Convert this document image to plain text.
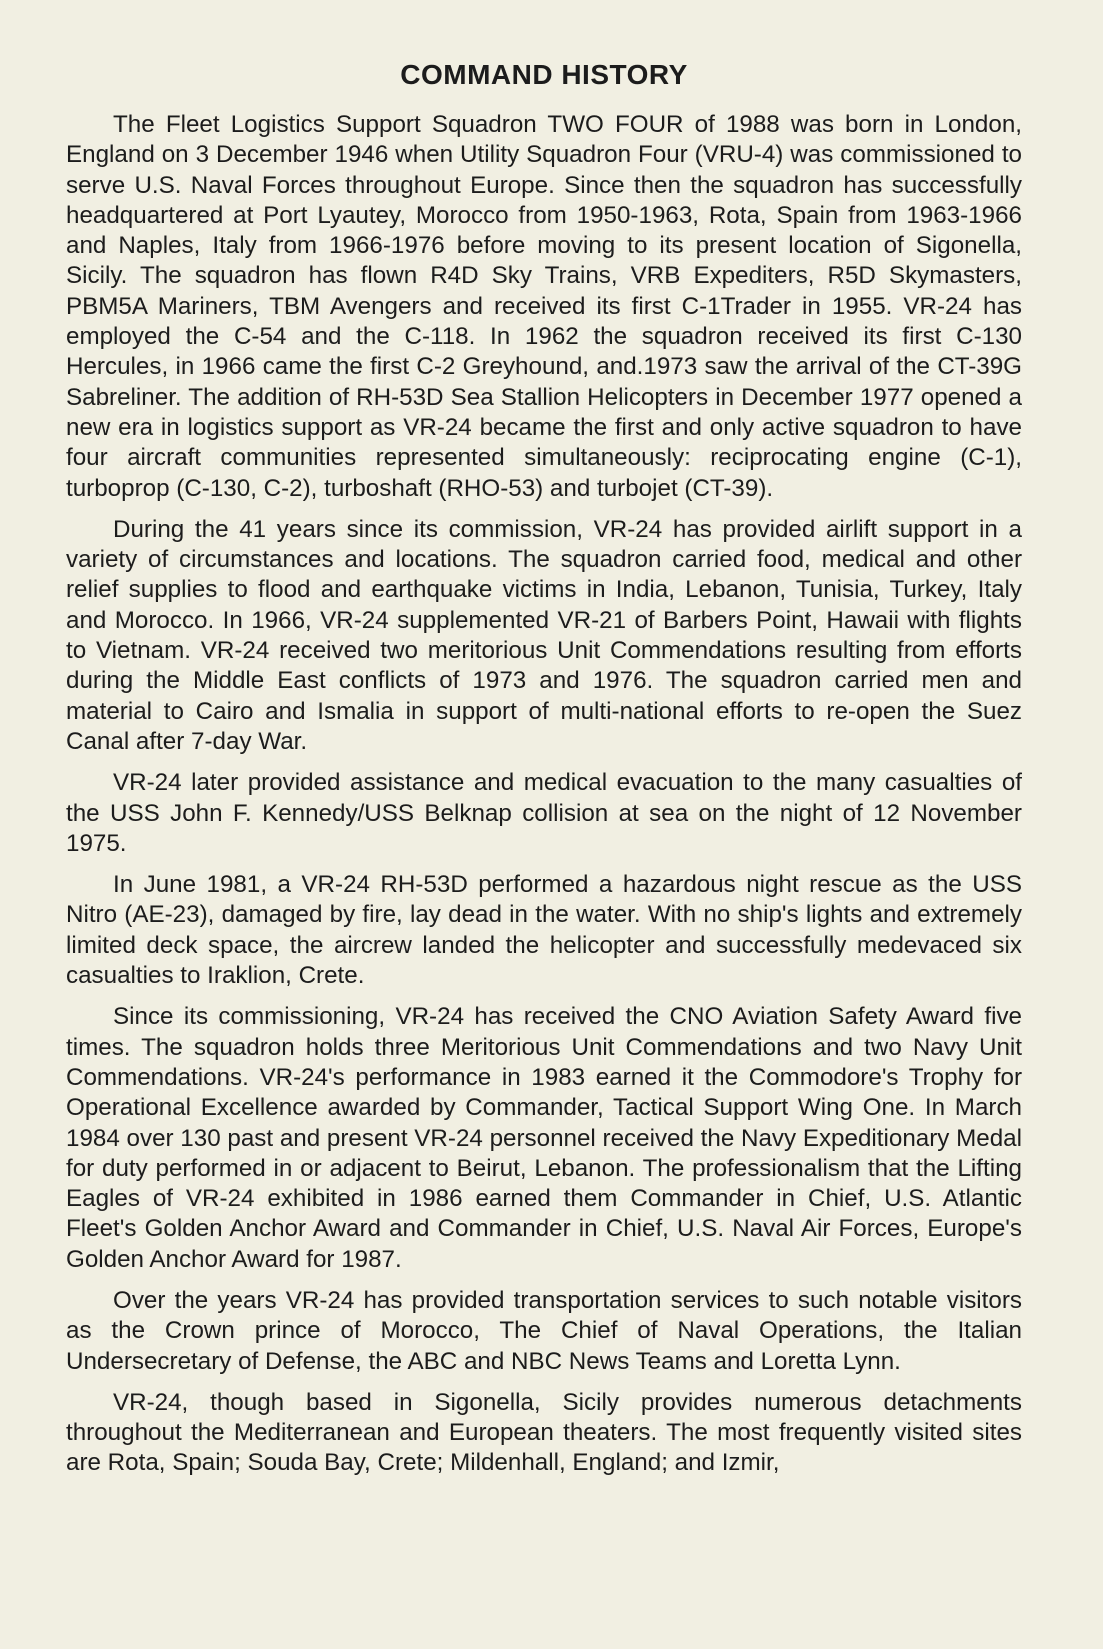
COMMAND HISTORY

The Fleet Logistics Support Squadron TWO FOUR of 1988 was born in London, England on 3 December 1946 when Utility Squadron Four (VRU-4) was commissioned to serve U.S. Naval Forces throughout Europe. Since then the squadron has successfully headquartered at Port Lyautey, Morocco from 1950-1963, Rota, Spain from 1963-1966 and Naples, Italy from 1966-1976 before moving to its present location of Sigonella, Sicily. The squadron has flown R4D Sky Trains, VRB Expediters, R5D Skymasters, PBM5A Mariners, TBM Avengers and received its first C-1Trader in 1955. VR-24 has employed the C-54 and the C-118. In 1962 the squadron received its first C-130 Hercules, in 1966 came the first C-2 Greyhound, and.1973 saw the arrival of the CT-39G Sabreliner. The addition of RH-53D Sea Stallion Helicopters in December 1977 opened a new era in logistics support as VR-24 became the first and only active squadron to have four aircraft communities represented simultaneously: reciprocating engine (C-1), turboprop (C-130, C-2), turboshaft (RHO-53) and turbojet (CT-39).

During the 41 years since its commission, VR-24 has provided airlift support in a variety of circumstances and locations. The squadron carried food, medical and other relief supplies to flood and earthquake victims in India, Lebanon, Tunisia, Turkey, Italy and Morocco. In 1966, VR-24 supplemented VR-21 of Barbers Point, Hawaii with flights to Vietnam. VR-24 received two meritorious Unit Commendations resulting from efforts during the Middle East conflicts of 1973 and 1976. The squadron carried men and material to Cairo and Ismalia in support of multi-national efforts to re-open the Suez Canal after 7-day War.

VR-24 later provided assistance and medical evacuation to the many casualties of the USS John F. Kennedy/USS Belknap collision at sea on the night of 12 November 1975.

In June 1981, a VR-24 RH-53D performed a hazardous night rescue as the USS Nitro (AE-23), damaged by fire, lay dead in the water. With no ship's lights and extremely limited deck space, the aircrew landed the helicopter and successfully medevaced six casualties to Iraklion, Crete.

Since its commissioning, VR-24 has received the CNO Aviation Safety Award five times. The squadron holds three Meritorious Unit Commendations and two Navy Unit Commendations. VR-24's performance in 1983 earned it the Commodore's Trophy for Operational Excellence awarded by Commander, Tactical Support Wing One. In March 1984 over 130 past and present VR-24 personnel received the Navy Expeditionary Medal for duty performed in or adjacent to Beirut, Lebanon. The professionalism that the Lifting Eagles of VR-24 exhibited in 1986 earned them Commander in Chief, U.S. Atlantic Fleet's Golden Anchor Award and Commander in Chief, U.S. Naval Air Forces, Europe's Golden Anchor Award for 1987.

Over the years VR-24 has provided transportation services to such notable visitors as the Crown prince of Morocco, The Chief of Naval Operations, the Italian Undersecretary of Defense, the ABC and NBC News Teams and Loretta Lynn.

VR-24, though based in Sigonella, Sicily provides numerous detachments throughout the Mediterranean and European theaters. The most frequently visited sites are Rota, Spain; Souda Bay, Crete; Mildenhall, England; and Izmir,
